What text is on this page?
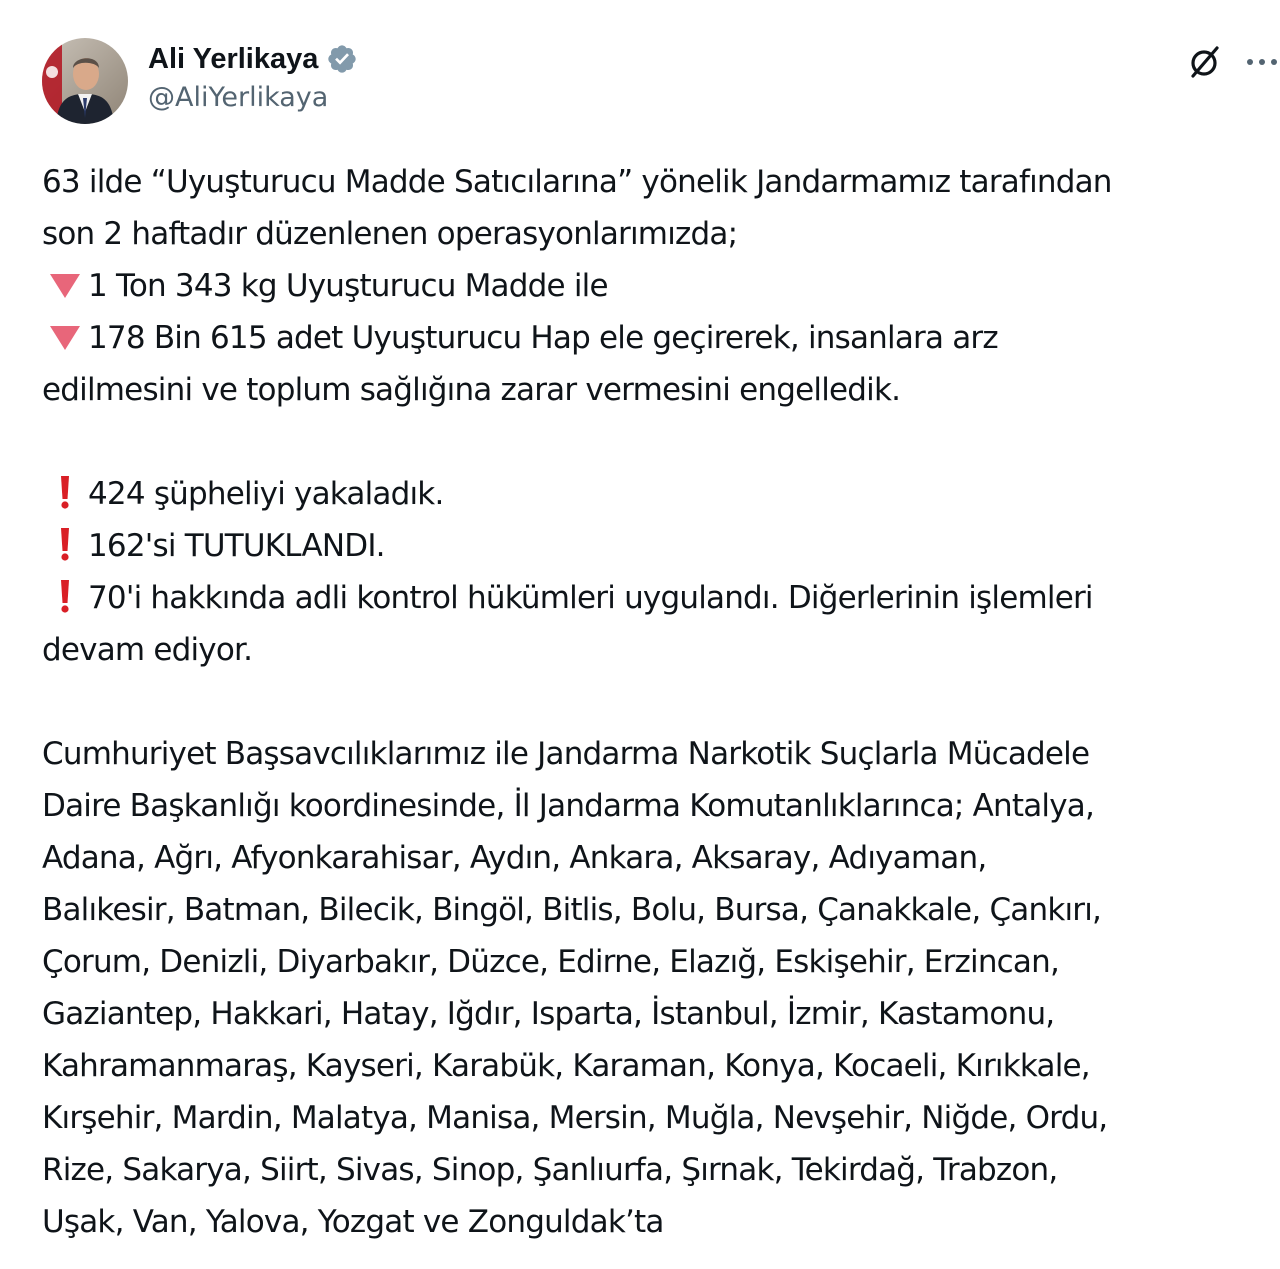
Ali Yerlikaya
@AliYerlikaya
63 ilde “Uyuşturucu Madde Satıcılarına” yönelik Jandarmamız tarafından
son 2 haftadır düzenlenen operasyonlarımızda;
1 Ton 343 kg Uyuşturucu Madde ile
178 Bin 615 adet Uyuşturucu Hap ele geçirerek, insanlara arz
edilmesini ve toplum sağlığına zarar vermesini engelledik.
424 şüpheliyi yakaladık.
162'si TUTUKLANDI.
70'i hakkında adli kontrol hükümleri uygulandı. Diğerlerinin işlemleri
devam ediyor.
Cumhuriyet Başsavcılıklarımız ile Jandarma Narkotik Suçlarla Mücadele
Daire Başkanlığı koordinesinde, İl Jandarma Komutanlıklarınca; Antalya,
Adana, Ağrı, Afyonkarahisar, Aydın, Ankara, Aksaray, Adıyaman,
Balıkesir, Batman, Bilecik, Bingöl, Bitlis, Bolu, Bursa, Çanakkale, Çankırı,
Çorum, Denizli, Diyarbakır, Düzce, Edirne, Elazığ, Eskişehir, Erzincan,
Gaziantep, Hakkari, Hatay, Iğdır, Isparta, İstanbul, İzmir, Kastamonu,
Kahramanmaraş, Kayseri, Karabük, Karaman, Konya, Kocaeli, Kırıkkale,
Kırşehir, Mardin, Malatya, Manisa, Mersin, Muğla, Nevşehir, Niğde, Ordu,
Rize, Sakarya, Siirt, Sivas, Sinop, Şanlıurfa, Şırnak, Tekirdağ, Trabzon,
Uşak, Van, Yalova, Yozgat ve Zonguldak’ta
